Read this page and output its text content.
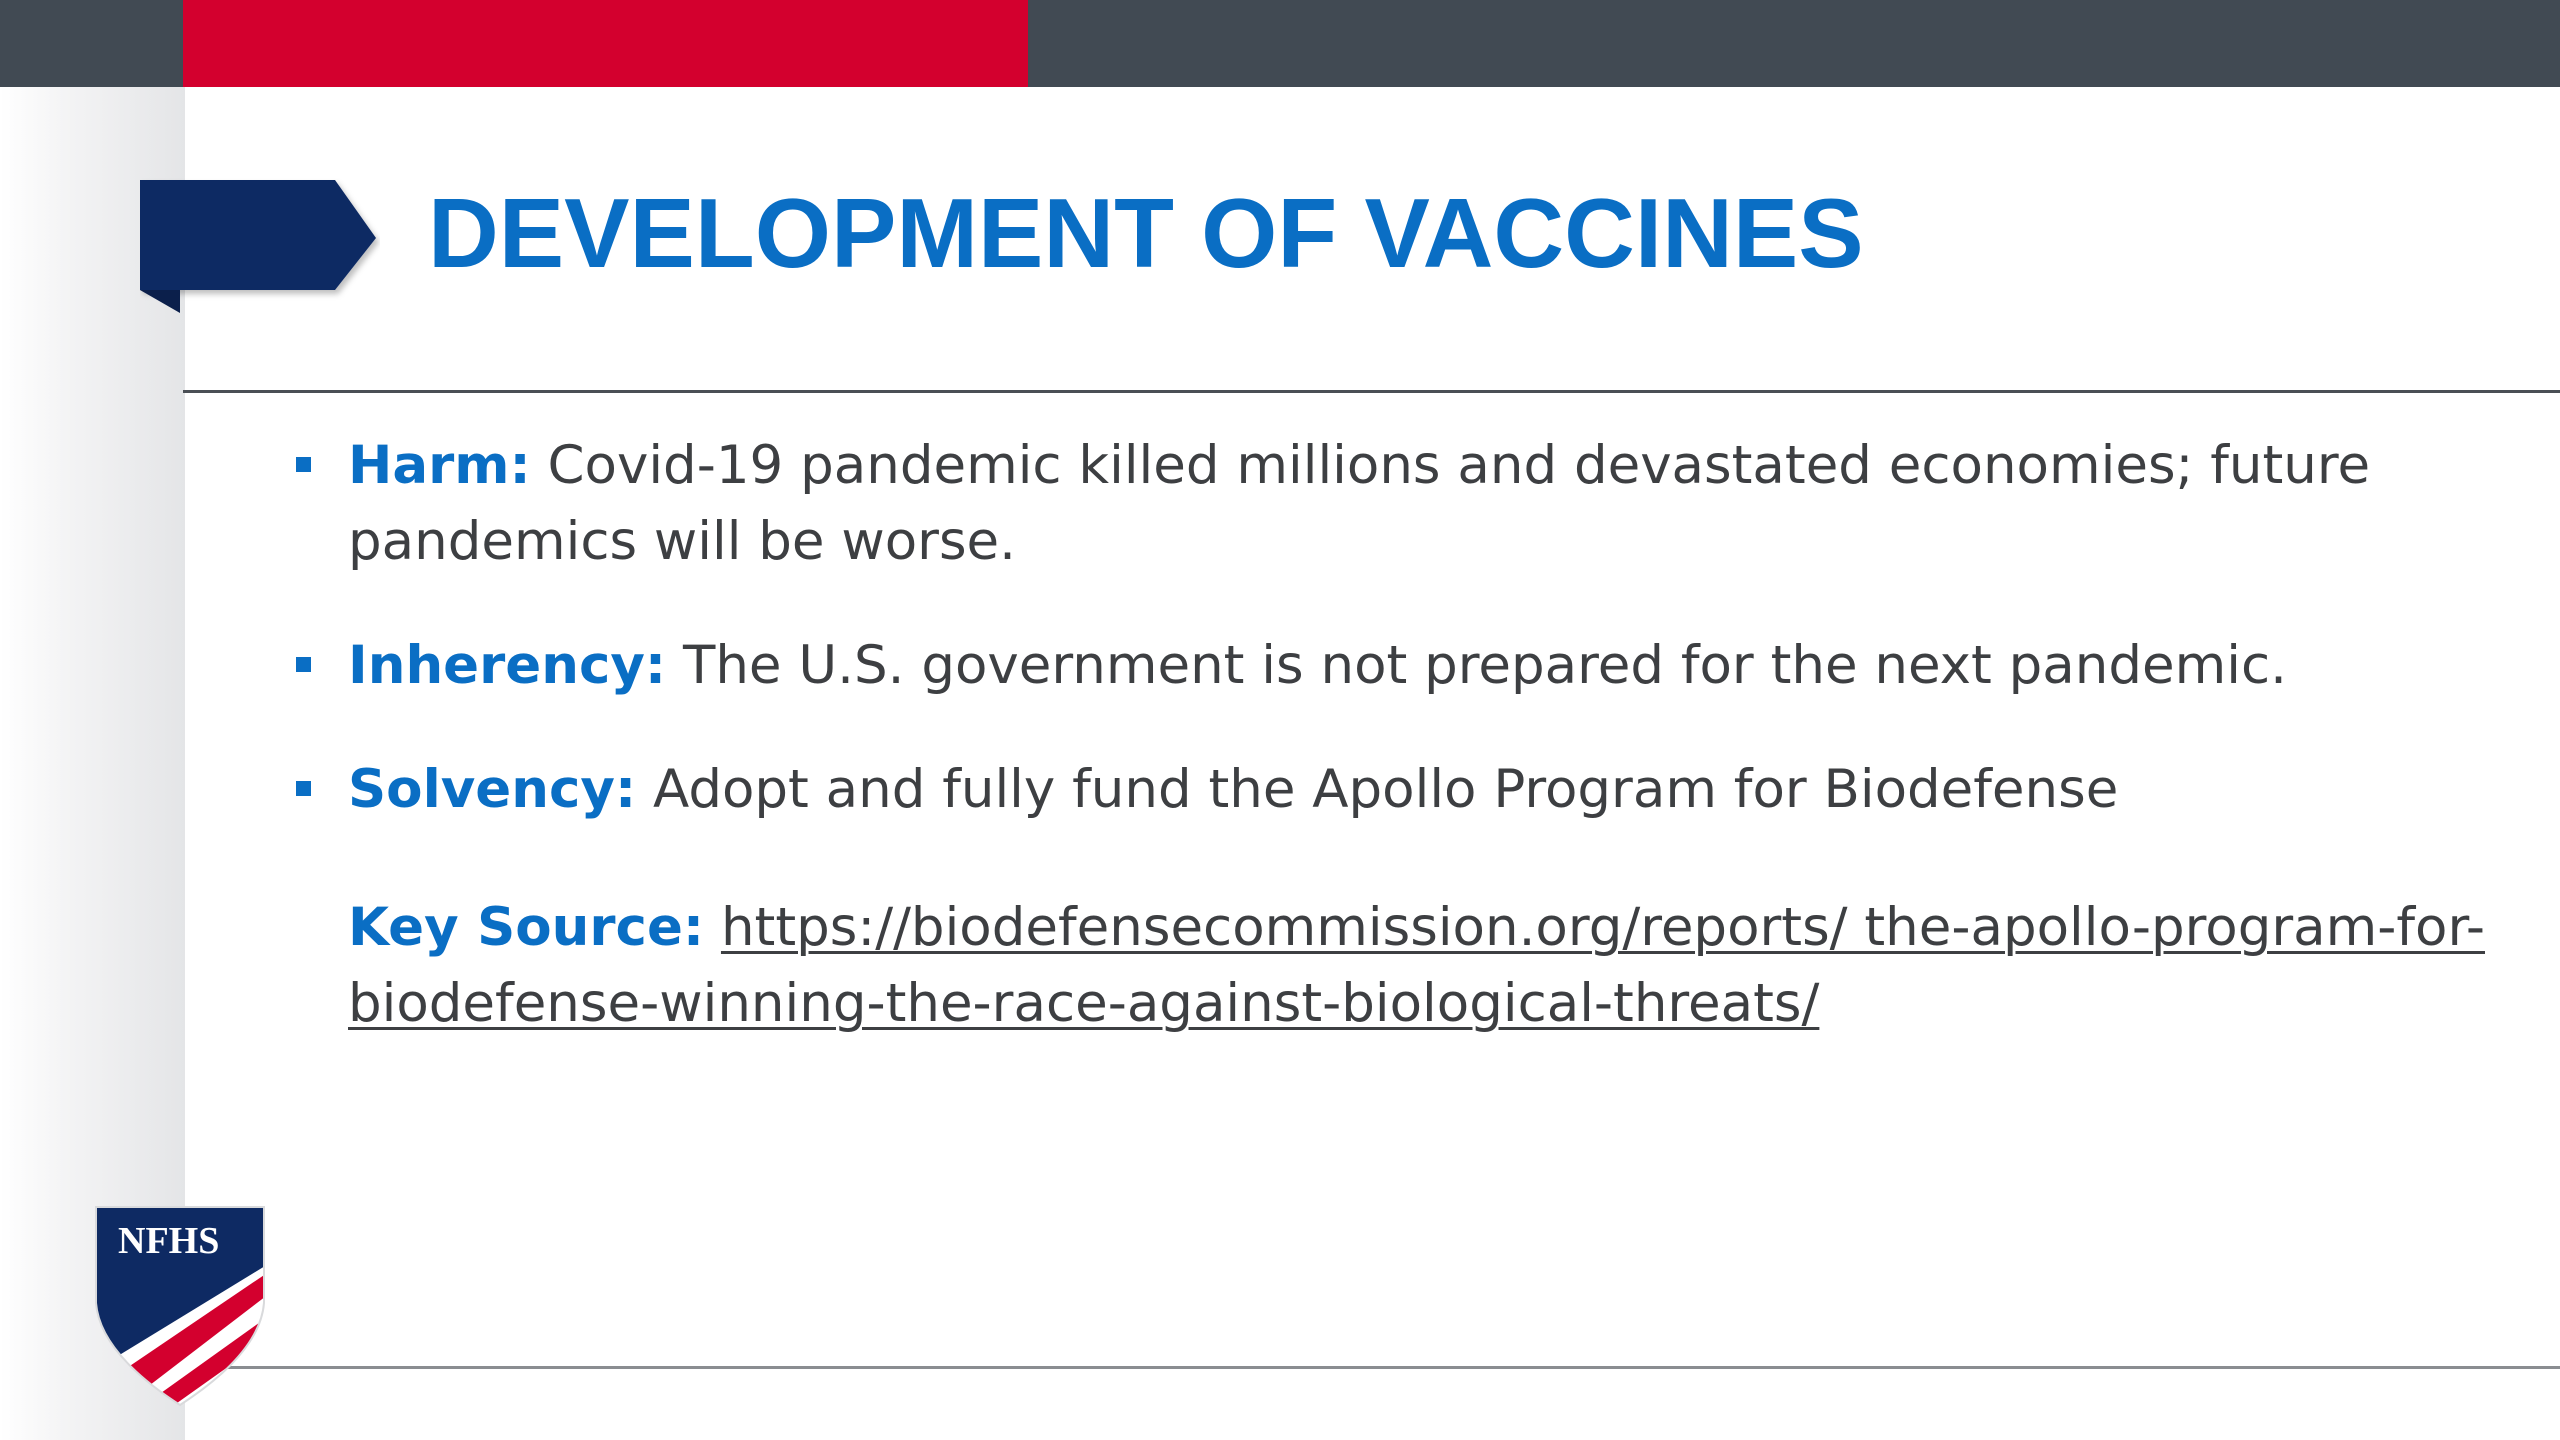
DEVELOPMENT OF VACCINES
Harm: Covid-19 pandemic killed millions and devastated economies; future pandemics will be worse.
Inherency: The U.S. government is not prepared for the next pandemic.
Solvency: Adopt and fully fund the Apollo Program for Biodefense
Key Source: https://biodefensecommission.org/reports/ the-apollo-program-for-biodefense-winning-the-race-against-biological-threats/
NFHS
